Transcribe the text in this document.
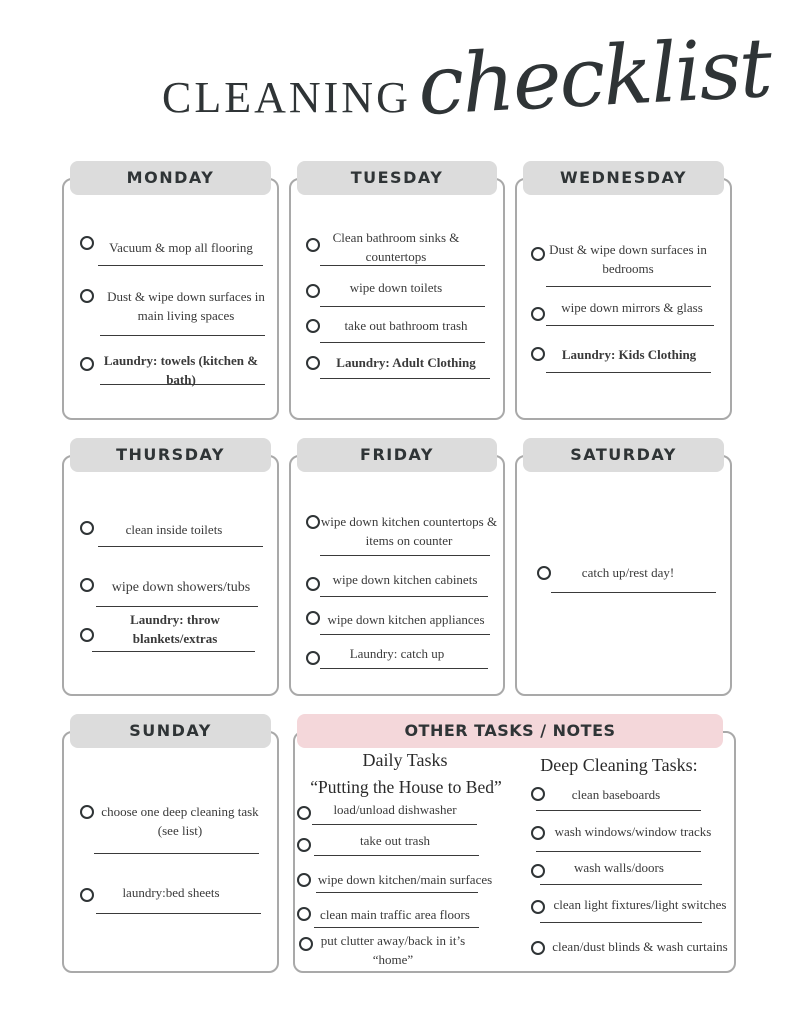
CLEANING checklist
MONDAY
Vacuum & mop all flooring
Dust & wipe down surfaces in main living spaces
Laundry: towels (kitchen & bath)
TUESDAY
Clean bathroom sinks & countertops
wipe down toilets
take out bathroom trash
Laundry: Adult Clothing
WEDNESDAY
Dust & wipe down surfaces in bedrooms
wipe down mirrors & glass
Laundry: Kids Clothing
THURSDAY
clean inside toilets
wipe down showers/tubs
Laundry: throw blankets/extras
FRIDAY
wipe down kitchen countertops & items on counter
wipe down kitchen cabinets
wipe down kitchen appliances
Laundry: catch up
SATURDAY
catch up/rest day!
SUNDAY
choose one deep cleaning task (see list)
laundry:bed sheets
OTHER TASKS / NOTES
Daily Tasks
“Putting the House to Bed”
load/unload dishwasher
take out trash
wipe down kitchen/main surfaces
clean main traffic area floors
put clutter away/back in it’s “home”
Deep Cleaning Tasks:
clean baseboards
wash windows/window tracks
wash walls/doors
clean light fixtures/light switches
clean/dust blinds & wash curtains
